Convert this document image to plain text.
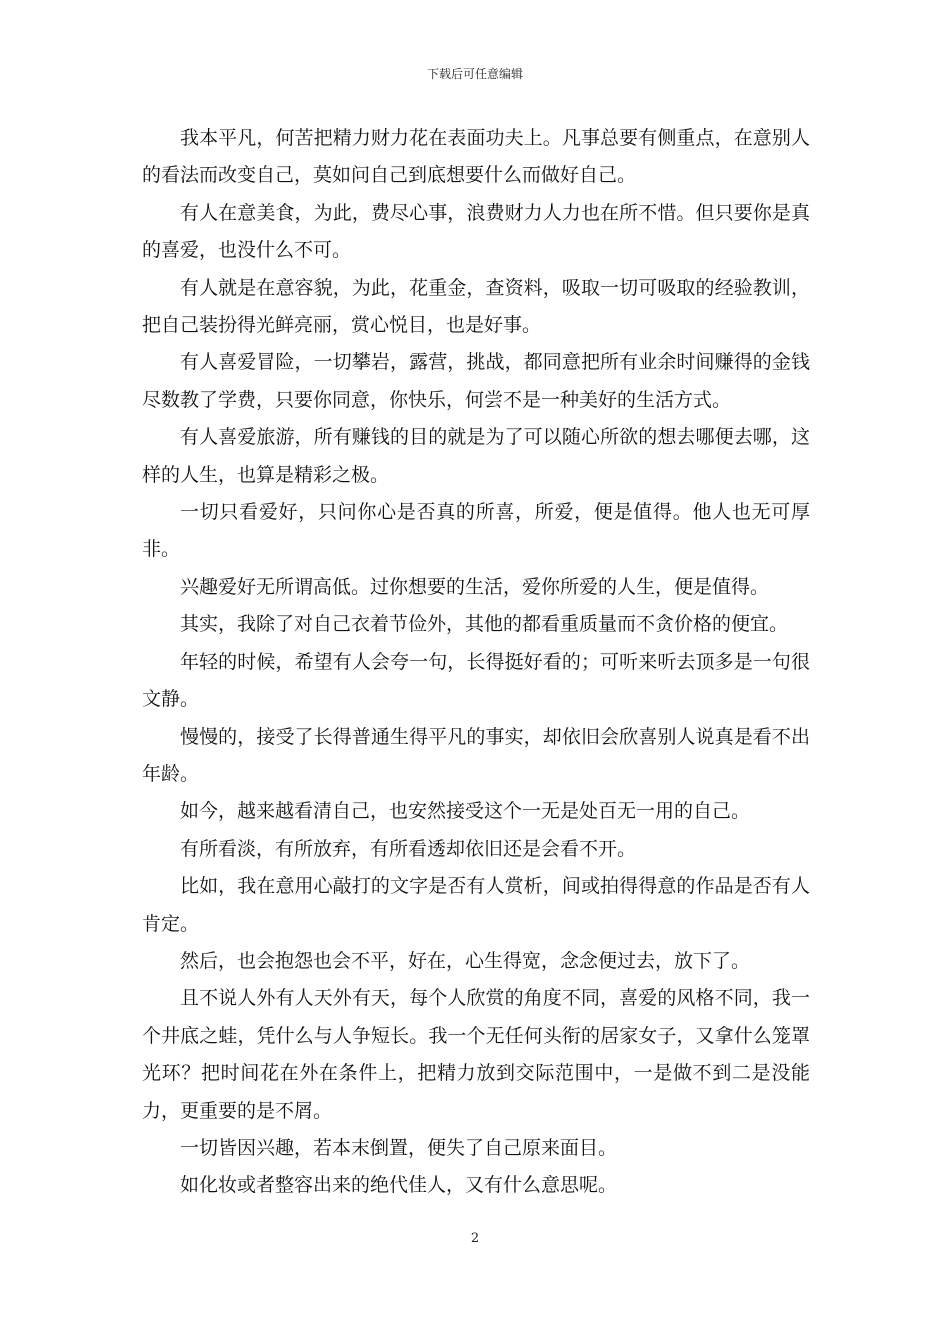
下载后可任意编辑

我本平凡，何苦把精力财力花在表面功夫上。凡事总要有侧重点，在意别人的看法而改变自己，莫如问自己到底想要什么而做好自己。

有人在意美食，为此，费尽心事，浪费财力人力也在所不惜。但只要你是真的喜爱，也没什么不可。

有人就是在意容貌，为此，花重金，查资料，吸取一切可吸取的经验教训，把自己装扮得光鲜亮丽，赏心悦目，也是好事。

有人喜爱冒险，一切攀岩，露营，挑战，都同意把所有业余时间赚得的金钱尽数教了学费，只要你同意，你快乐，何尝不是一种美好的生活方式。

有人喜爱旅游，所有赚钱的目的就是为了可以随心所欲的想去哪便去哪，这样的人生，也算是精彩之极。

一切只看爱好，只问你心是否真的所喜，所爱，便是值得。他人也无可厚非。

兴趣爱好无所谓高低。过你想要的生活，爱你所爱的人生，便是值得。

其实，我除了对自己衣着节俭外，其他的都看重质量而不贪价格的便宜。

年轻的时候，希望有人会夸一句，长得挺好看的；可听来听去顶多是一句很文静。

慢慢的，接受了长得普通生得平凡的事实，却依旧会欣喜别人说真是看不出年龄。

如今，越来越看清自己，也安然接受这个一无是处百无一用的自己。

有所看淡，有所放弃，有所看透却依旧还是会看不开。

比如，我在意用心敲打的文字是否有人赏析，间或拍得得意的作品是否有人肯定。

然后，也会抱怨也会不平，好在，心生得宽，念念便过去，放下了。

且不说人外有人天外有天，每个人欣赏的角度不同，喜爱的风格不同，我一个井底之蛙，凭什么与人争短长。我一个无任何头衔的居家女子，又拿什么笼罩光环？把时间花在外在条件上，把精力放到交际范围中，一是做不到二是没能力，更重要的是不屑。

一切皆因兴趣，若本末倒置，便失了自己原来面目。

如化妆或者整容出来的绝代佳人，又有什么意思呢。

2
